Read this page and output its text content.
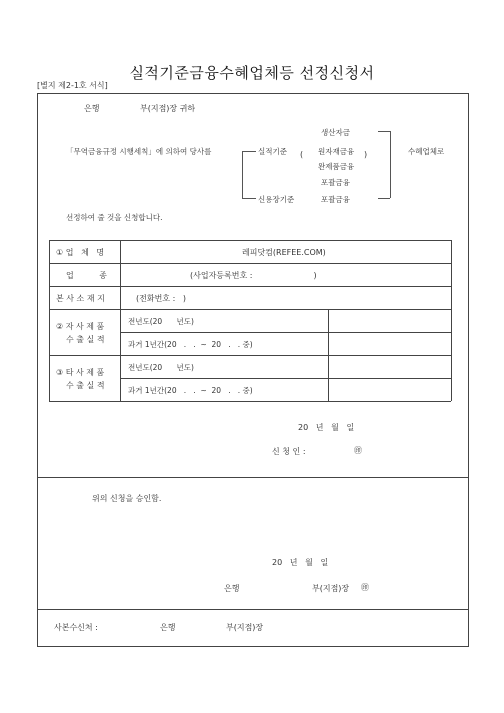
실적기준금융수혜업체등 선정신청서
[별지 제2-1호 서식]
은행	부(지점)장 귀하
「무역금융규정 시행세칙」에 의하여 당사를	실적기준 (	)
생산자금
원자재금융
완제품금융
포괄금융
신용장기준	포괄금융
수혜업체로
선정하여 줄 것을 신청합니다.
① 업   체   명	레피닷컴(REFEE.COM)
업          종	(사업자등록번호 :                        )
본 사 소 재 지	(전화번호 :   )
② 자 사 제 품
수 출 실 적
전년도(20      년도)
과거 1년간(20   .   .  ~  20   .   . 중)
③ 타 사 제 품
수 출 실 적
전년도(20      년도)
과거 1년간(20   .   .  ~  20   .   . 중)
20   년   월   일
신 청 인 :	㊞
위의 신청을 승인함.
20   년   월   일
은행	부(지점)장 ㊞
사본수신처 :	은행	부(지점)장
